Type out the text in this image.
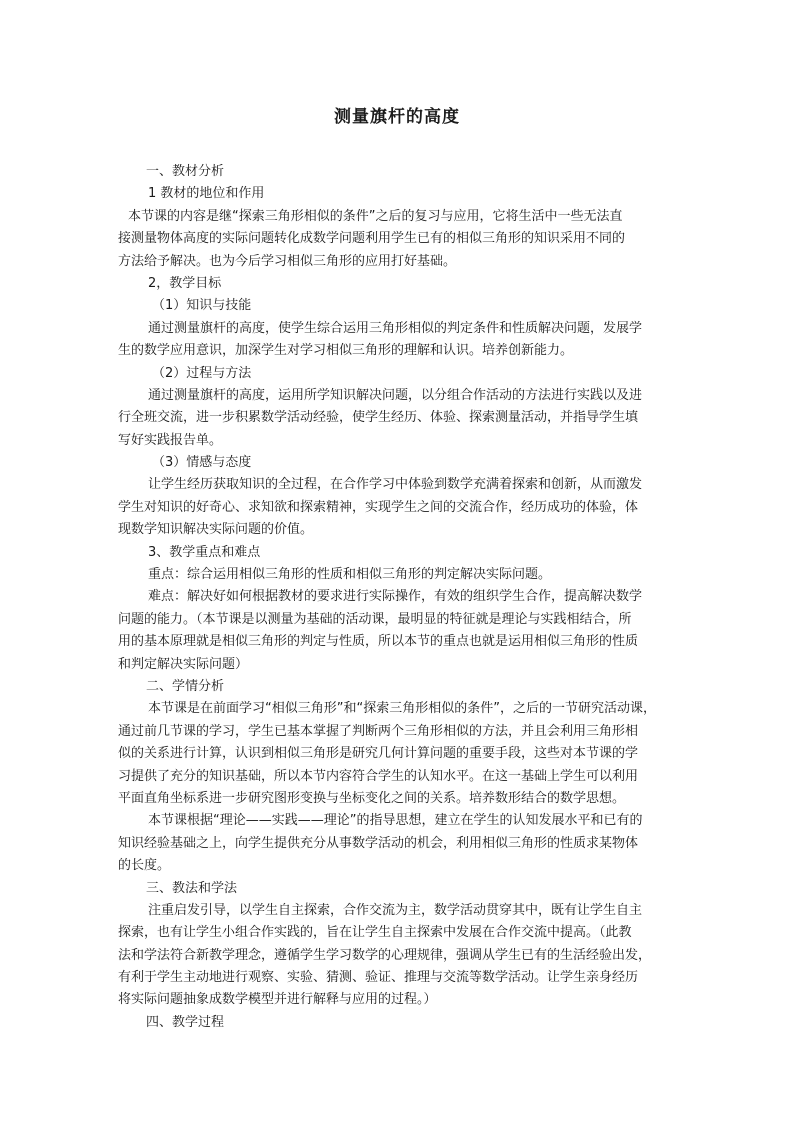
测量旗杆的高度
一、教材分析
1 教材的地位和作用
本节课的内容是继“探索三角形相似的条件”之后的复习与应用，它将生活中一些无法直
接测量物体高度的实际问题转化成数学问题利用学生已有的相似三角形的知识采用不同的
方法给予解决。也为今后学习相似三角形的应用打好基础。
2，教学目标
（1）知识与技能
通过测量旗杆的高度，使学生综合运用三角形相似的判定条件和性质解决问题，发展学
生的数学应用意识，加深学生对学习相似三角形的理解和认识。培养创新能力。
（2）过程与方法
通过测量旗杆的高度，运用所学知识解决问题，以分组合作活动的方法进行实践以及进
行全班交流，进一步积累数学活动经验，使学生经历、体验、探索测量活动，并指导学生填
写好实践报告单。
（3）情感与态度
让学生经历获取知识的全过程，在合作学习中体验到数学充满着探索和创新，从而激发
学生对知识的好奇心、求知欲和探索精神，实现学生之间的交流合作，经历成功的体验，体
现数学知识解决实际问题的价值。
3、教学重点和难点
重点：综合运用相似三角形的性质和相似三角形的判定解决实际问题。
难点：解决好如何根据教材的要求进行实际操作，有效的组织学生合作，提高解决数学
问题的能力。（本节课是以测量为基础的活动课，最明显的特征就是理论与实践相结合，所
用的基本原理就是相似三角形的判定与性质，所以本节的重点也就是运用相似三角形的性质
和判定解决实际问题）
二、学情分析
本节课是在前面学习“相似三角形”和“探索三角形相似的条件”，之后的一节研究活动课，
通过前几节课的学习，学生已基本掌握了判断两个三角形相似的方法，并且会利用三角形相
似的关系进行计算，认识到相似三角形是研究几何计算问题的重要手段，这些对本节课的学
习提供了充分的知识基础，所以本节内容符合学生的认知水平。在这一基础上学生可以利用
平面直角坐标系进一步研究图形变换与坐标变化之间的关系。培养数形结合的数学思想。
本节课根据“理论——实践——理论”的指导思想，建立在学生的认知发展水平和已有的
知识经验基础之上，向学生提供充分从事数学活动的机会，利用相似三角形的性质求某物体
的长度。
三、教法和学法
注重启发引导，以学生自主探索，合作交流为主，数学活动贯穿其中，既有让学生自主
探索，也有让学生小组合作实践的，旨在让学生自主探索中发展在合作交流中提高。（此教
法和学法符合新教学理念，遵循学生学习数学的心理规律，强调从学生已有的生活经验出发，
有利于学生主动地进行观察、实验、猜测、验证、推理与交流等数学活动。让学生亲身经历
将实际问题抽象成数学模型并进行解释与应用的过程。）
四、教学过程
